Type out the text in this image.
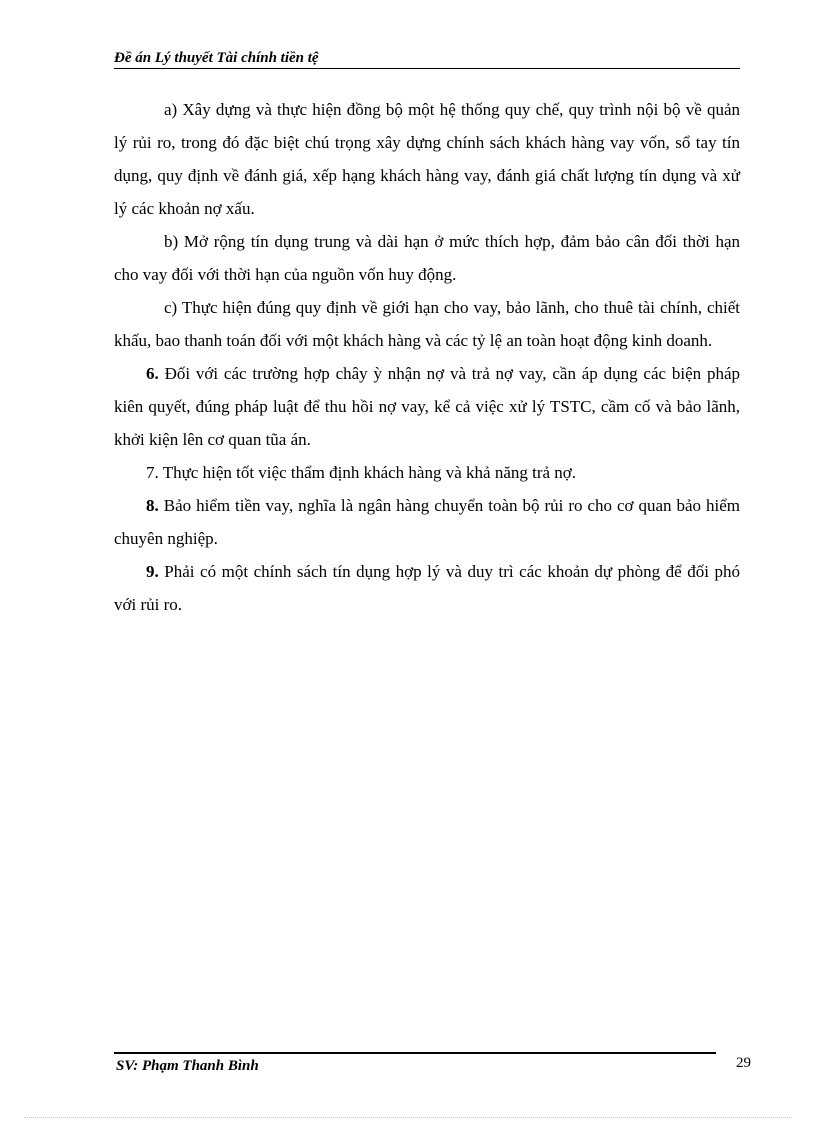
Đề án Lý thuyết Tài chính tiền tệ

a) Xây dựng và thực hiện đồng bộ một hệ thống quy chế, quy trình nội bộ về quản lý rủi ro, trong đó đặc biệt chú trọng xây dựng chính sách khách hàng vay vốn, sổ tay tín dụng, quy định về đánh giá, xếp hạng khách hàng vay, đánh giá chất lượng tín dụng và xử lý các khoản nợ xấu.

b) Mở rộng tín dụng trung và dài hạn ở mức thích hợp, đảm bảo cân đối thời hạn cho vay đối với thời hạn của nguồn vốn huy động.

c) Thực hiện đúng quy định về giới hạn cho vay, bảo lãnh, cho thuê tài chính, chiết khấu, bao thanh toán đối với một khách hàng và các tỷ lệ an toàn hoạt động kinh doanh.

6. Đối với các trường hợp chây ỳ nhận nợ và trả nợ vay, cần áp dụng các biện pháp kiên quyết, đúng pháp luật để thu hồi nợ vay, kể cả việc xử lý TSTC, cầm cố và bảo lãnh, khởi kiện lên cơ quan tũa án.

7. Thực hiện tốt việc thẩm định khách hàng và khả năng trả nợ.

8. Bảo hiểm tiền vay, nghĩa là ngân hàng chuyển toàn bộ rủi ro cho cơ quan bảo hiểm chuyên nghiệp.

9. Phải có một chính sách tín dụng hợp lý và duy trì các khoản dự phòng để đối phó với rủi ro.

SV: Phạm Thanh Bình	29
